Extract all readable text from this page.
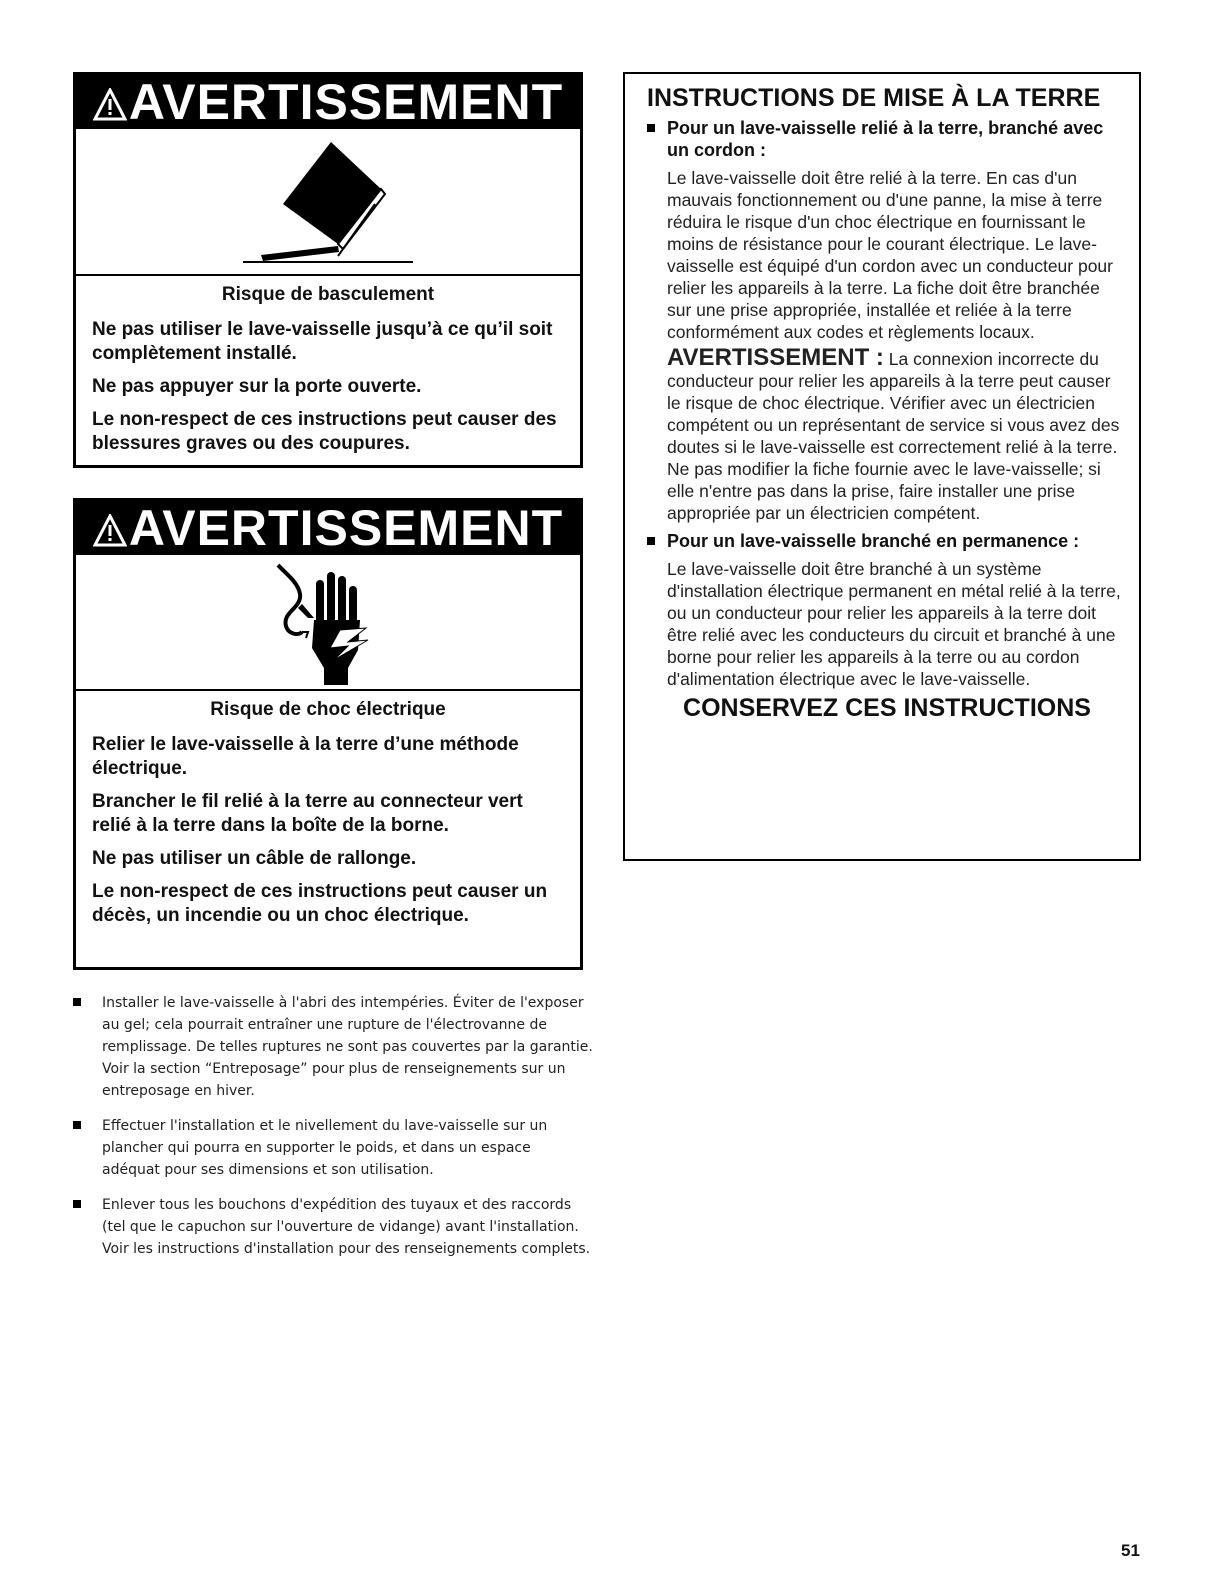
AVERTISSEMENT

Risque de basculement

Ne pas utiliser le lave-vaisselle jusqu’à ce qu’il soit complètement installé.

Ne pas appuyer sur la porte ouverte.

Le non-respect de ces instructions peut causer des blessures graves ou des coupures.

AVERTISSEMENT

Risque de choc électrique

Relier le lave-vaisselle à la terre d’une méthode électrique.

Brancher le fil relié à la terre au connecteur vert relié à la terre dans la boîte de la borne.

Ne pas utiliser un câble de rallonge.

Le non-respect de ces instructions peut causer un décès, un incendie ou un choc électrique.

Installer le lave-vaisselle à l'abri des intempéries. Éviter de l'exposer au gel; cela pourrait entraîner une rupture de l'électrovanne de remplissage. De telles ruptures ne sont pas couvertes par la garantie. Voir la section “Entreposage” pour plus de renseignements sur un entreposage en hiver.
Effectuer l'installation et le nivellement du lave-vaisselle sur un plancher qui pourra en supporter le poids, et dans un espace adéquat pour ses dimensions et son utilisation.
Enlever tous les bouchons d'expédition des tuyaux et des raccords (tel que le capuchon sur l'ouverture de vidange) avant l'installation. Voir les instructions d'installation pour des renseignements complets.
INSTRUCTIONS DE MISE À LA TERRE
Pour un lave-vaisselle relié à la terre, branché avec un cordon :

Le lave-vaisselle doit être relié à la terre. En cas d'un mauvais fonctionnement ou d'une panne, la mise à terre réduira le risque d'un choc électrique en fournissant le moins de résistance pour le courant électrique. Le lave-vaisselle est équipé d'un cordon avec un conducteur pour relier les appareils à la terre. La fiche doit être branchée sur une prise appropriée, installée et reliée à la terre conformément aux codes et règlements locaux.

AVERTISSEMENT : La connexion incorrecte du conducteur pour relier les appareils à la terre peut causer le risque de choc électrique. Vérifier avec un électricien compétent ou un représentant de service si vous avez des doutes si le lave-vaisselle est correctement relié à la terre. Ne pas modifier la fiche fournie avec le lave-vaisselle; si elle n'entre pas dans la prise, faire installer une prise appropriée par un électricien compétent.

Pour un lave-vaisselle branché en permanence :

Le lave-vaisselle doit être branché à un système d'installation électrique permanent en métal relié à la terre, ou un conducteur pour relier les appareils à la terre doit être relié avec les conducteurs du circuit et branché à une borne pour relier les appareils à la terre ou au cordon d'alimentation électrique avec le lave-vaisselle.

CONSERVEZ CES INSTRUCTIONS
51
